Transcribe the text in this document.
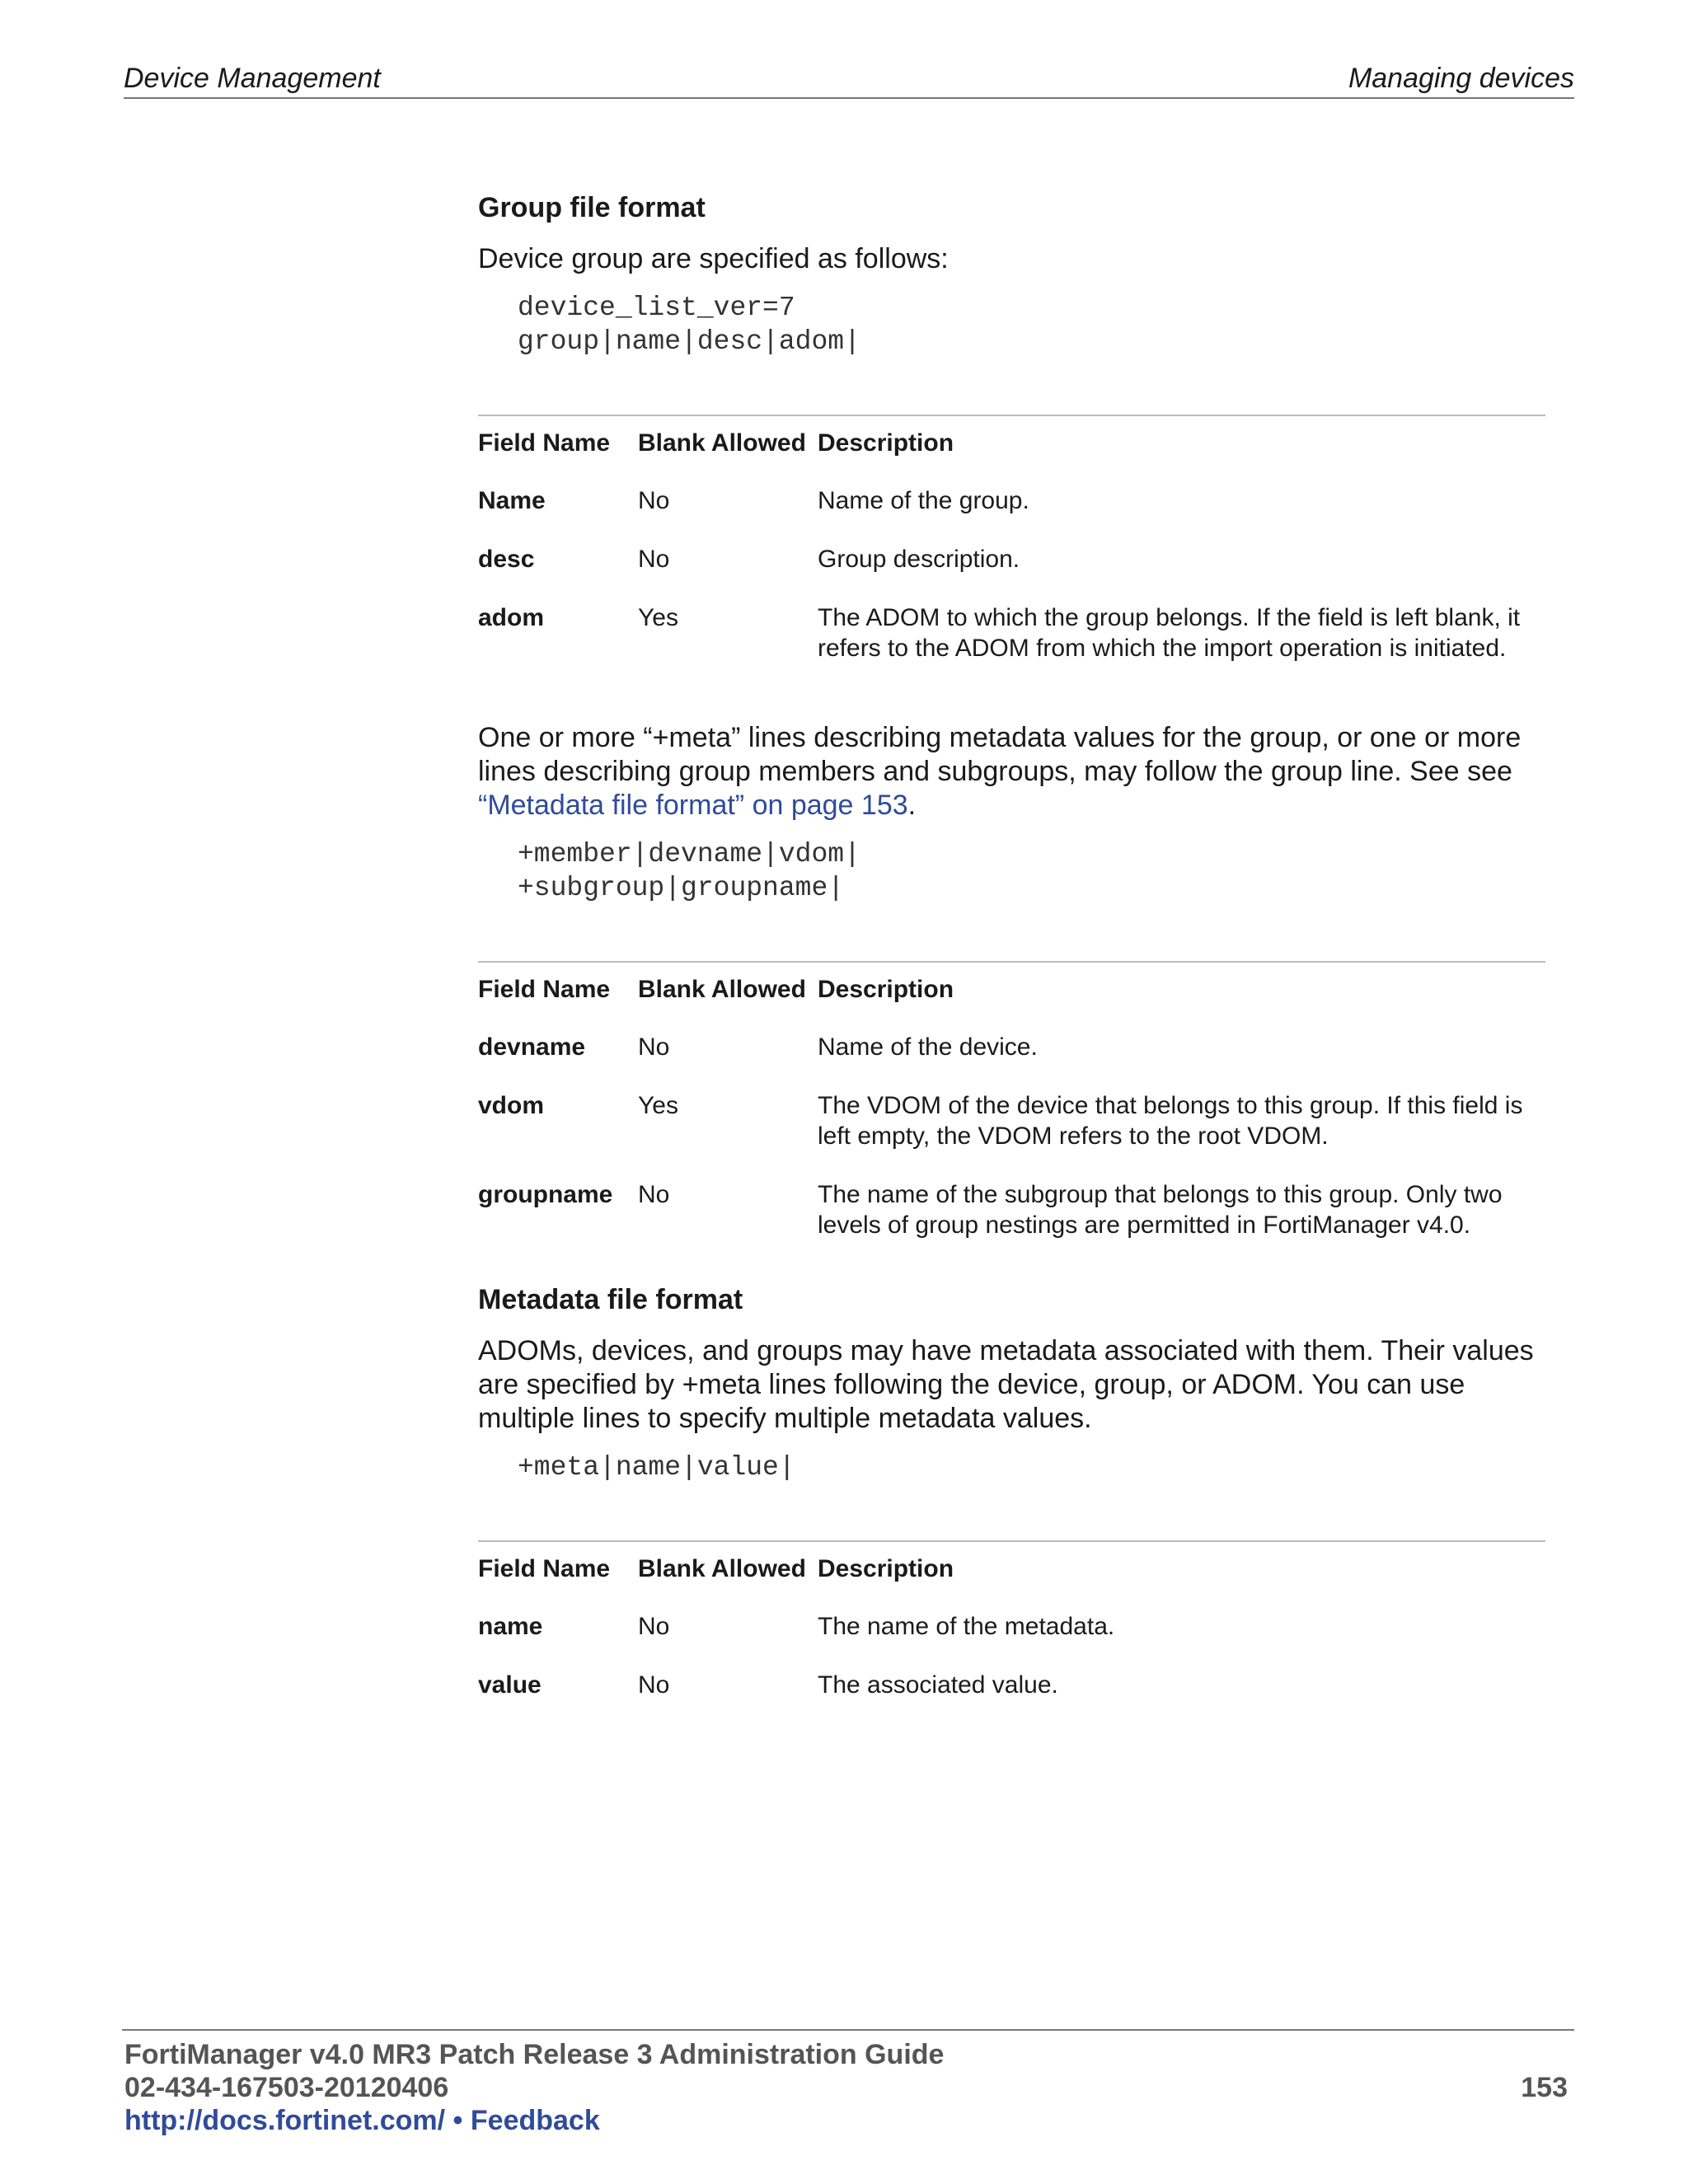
Device Management	Managing devices
Group file format

Device group are specified as follows:

device_list_ver=7
group|name|desc|adom|
Field Name	Blank Allowed	Description
Name	No	Name of the group.
desc	No	Group description.
adom	Yes	The ADOM to which the group belongs. If the field is left blank, it refers to the ADOM from which the import operation is initiated.

One or more “+meta” lines describing metadata values for the group, or one or more lines describing group members and subgroups, may follow the group line. See see “Metadata file format” on page 153.

+member|devname|vdom|
+subgroup|groupname|
Field Name	Blank Allowed	Description
devname	No	Name of the device.
vdom	Yes	The VDOM of the device that belongs to this group. If this field is left empty, the VDOM refers to the root VDOM.
groupname	No	The name of the subgroup that belongs to this group. Only two levels of group nestings are permitted in FortiManager v4.0.
Metadata file format

ADOMs, devices, and groups may have metadata associated with them. Their values are specified by +meta lines following the device, group, or ADOM. You can use multiple lines to specify multiple metadata values.

+meta|name|value|
Field Name	Blank Allowed	Description
name	No	The name of the metadata.
value	No	The associated value.
FortiManager v4.0 MR3 Patch Release 3 Administration Guide
02-434-167503-20120406
http://docs.fortinet.com/ • Feedback
153
